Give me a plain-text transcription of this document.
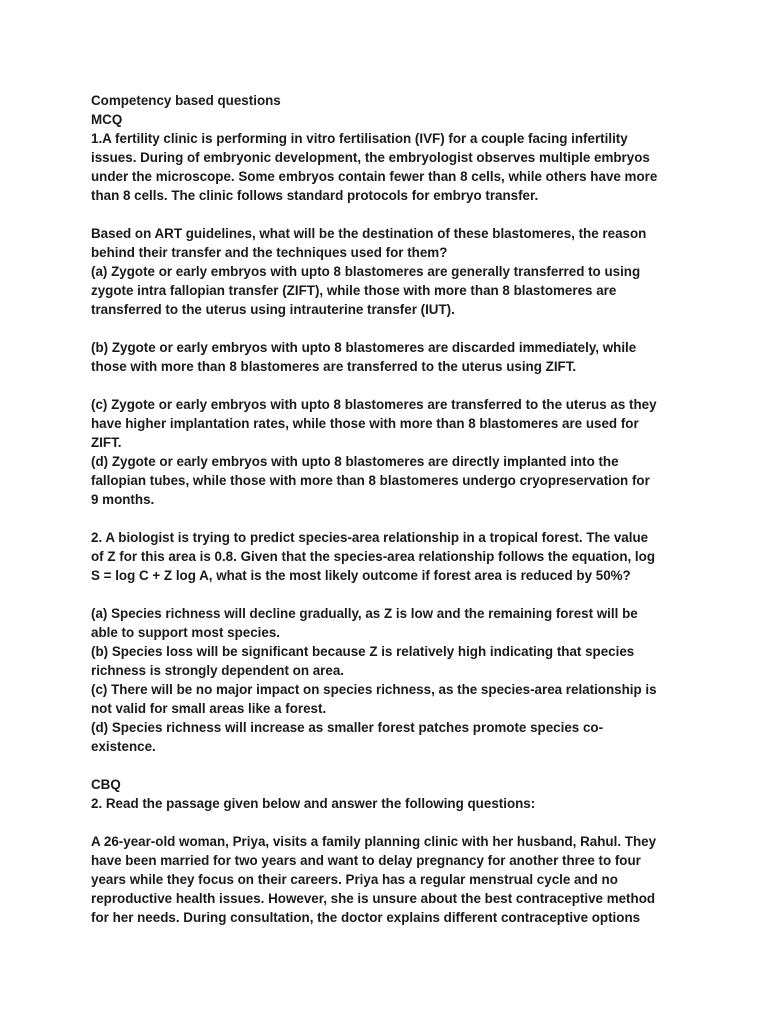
Competency based questions
MCQ
1.A fertility clinic is performing in vitro fertilisation (IVF) for a couple facing infertility
issues. During of embryonic development, the embryologist observes multiple embryos
under the microscope. Some embryos contain fewer than 8 cells, while others have more
than 8 cells. The clinic follows standard protocols for embryo transfer.
Based on ART guidelines, what will be the destination of these blastomeres, the reason
behind their transfer and the techniques used for them?
(a) Zygote or early embryos with upto 8 blastomeres are generally transferred to using
zygote intra fallopian transfer (ZIFT), while those with more than 8 blastomeres are
transferred to the uterus using intrauterine transfer (IUT).
(b) Zygote or early embryos with upto 8 blastomeres are discarded immediately, while
those with more than 8 blastomeres are transferred to the uterus using ZIFT.
(c) Zygote or early embryos with upto 8 blastomeres are transferred to the uterus as they
have higher implantation rates, while those with more than 8 blastomeres are used for
ZIFT.
(d) Zygote or early embryos with upto 8 blastomeres are directly implanted into the
fallopian tubes, while those with more than 8 blastomeres undergo cryopreservation for
9 months.
2. A biologist is trying to predict species-area relationship in a tropical forest. The value
of Z for this area is 0.8. Given that the species-area relationship follows the equation, log
S = log C + Z log A, what is the most likely outcome if forest area is reduced by 50%?
(a) Species richness will decline gradually, as Z is low and the remaining forest will be
able to support most species.
(b) Species loss will be significant because Z is relatively high indicating that species
richness is strongly dependent on area.
(c) There will be no major impact on species richness, as the species-area relationship is
not valid for small areas like a forest.
(d) Species richness will increase as smaller forest patches promote species co-
existence.
CBQ
2. Read the passage given below and answer the following questions:
A 26-year-old woman, Priya, visits a family planning clinic with her husband, Rahul. They
have been married for two years and want to delay pregnancy for another three to four
years while they focus on their careers. Priya has a regular menstrual cycle and no
reproductive health issues. However, she is unsure about the best contraceptive method
for her needs. During consultation, the doctor explains different contraceptive options
